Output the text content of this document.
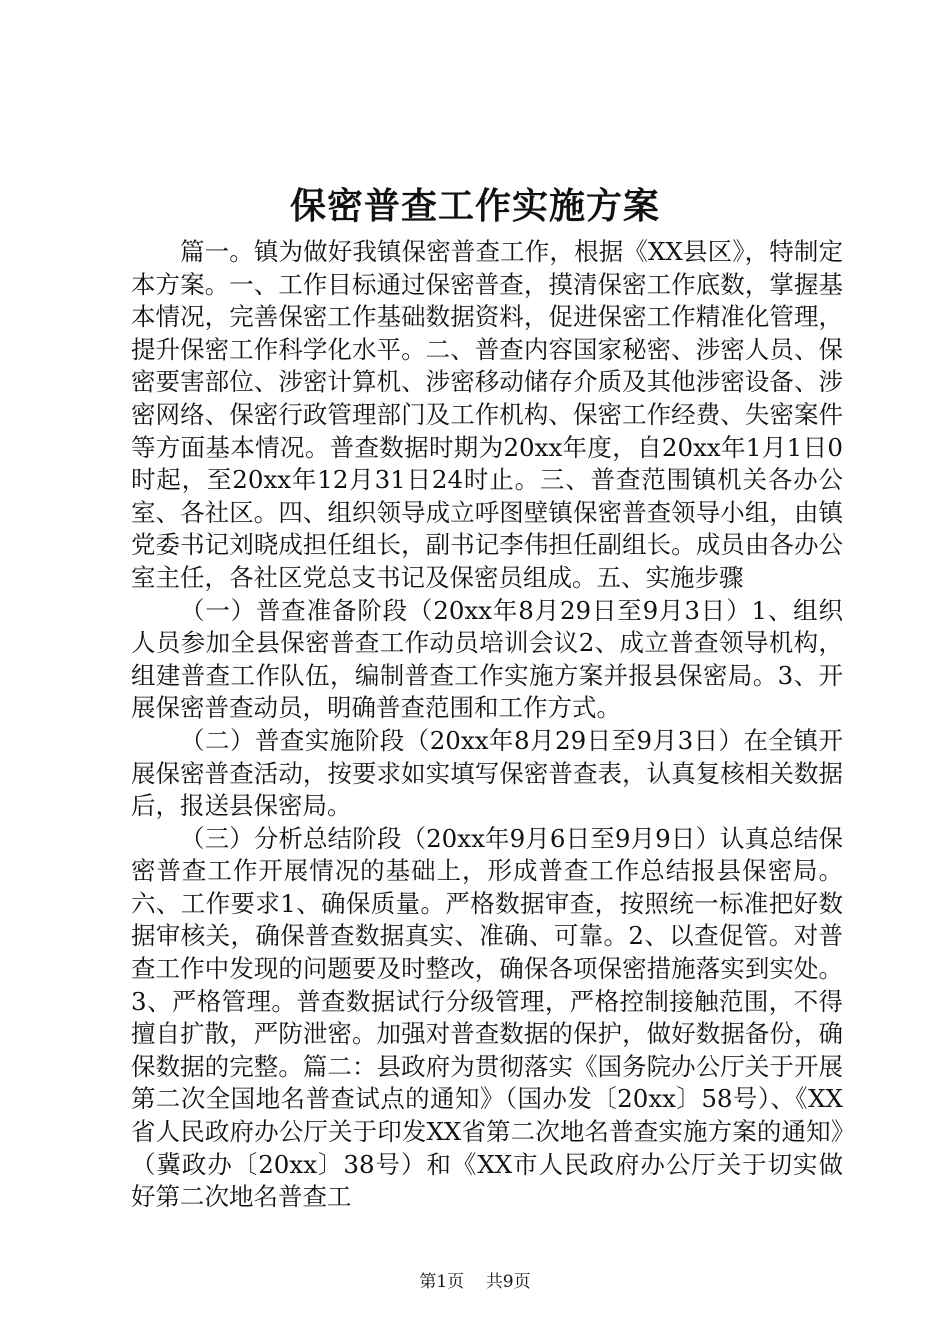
保密普查工作实施方案

篇一。镇为做好我镇保密普查工作，根据《XX县区》，特制定本方案。一、工作目标通过保密普查，摸清保密工作底数，掌握基本情况，完善保密工作基础数据资料，促进保密工作精准化管理，提升保密工作科学化水平。二、普查内容国家秘密、涉密人员、保密要害部位、涉密计算机、涉密移动储存介质及其他涉密设备、涉密网络、保密行政管理部门及工作机构、保密工作经费、失密案件等方面基本情况。普查数据时期为20xx年度，自20xx年1月1日0时起，至20xx年12月31日24时止。三、普查范围镇机关各办公室、各社区。四、组织领导成立呼图壁镇保密普查领导小组，由镇党委书记刘晓成担任组长，副书记李伟担任副组长。成员由各办公室主任，各社区党总支书记及保密员组成。五、实施步骤

（一）普查准备阶段（20xx年8月29日至9月3日）1、组织人员参加全县保密普查工作动员培训会议2、成立普查领导机构，组建普查工作队伍，编制普查工作实施方案并报县保密局。3、开展保密普查动员，明确普查范围和工作方式。

（二）普查实施阶段（20xx年8月29日至9月3日）在全镇开展保密普查活动，按要求如实填写保密普查表，认真复核相关数据后，报送县保密局。

（三）分析总结阶段（20xx年9月6日至9月9日）认真总结保密普查工作开展情况的基础上，形成普查工作总结报县保密局。六、工作要求1、确保质量。严格数据审查，按照统一标准把好数据审核关，确保普查数据真实、准确、可靠。2、以查促管。对普查工作中发现的问题要及时整改，确保各项保密措施落实到实处。3、严格管理。普查数据试行分级管理，严格控制接触范围，不得擅自扩散，严防泄密。加强对普查数据的保护，做好数据备份，确保数据的完整。篇二：县政府为贯彻落实《国务院办公厅关于开展第二次全国地名普查试点的通知》（国办发〔20xx〕58号）、《XX省人民政府办公厅关于印发XX省第二次地名普查实施方案的通知》（冀政办〔20xx〕38号）和《XX市人民政府办公厅关于切实做好第二次地名普查工

第1页 共9页
